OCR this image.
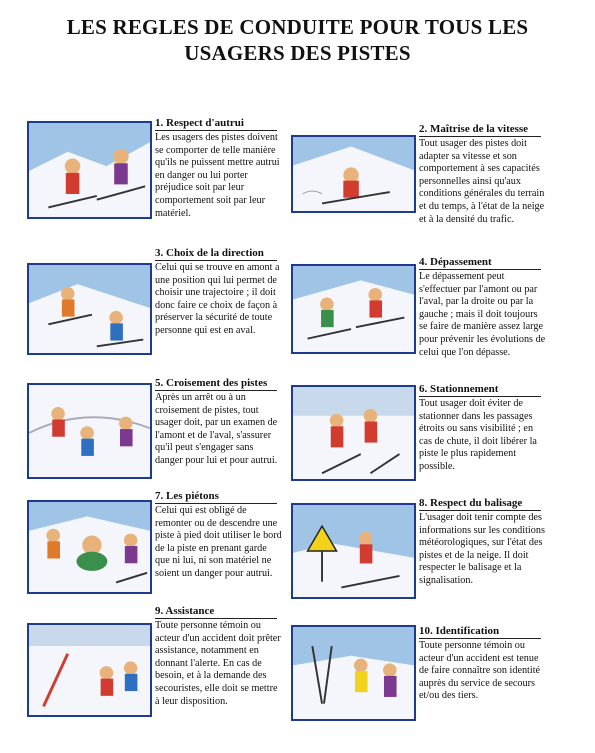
LES REGLES DE CONDUITE POUR TOUS LES
USAGERS DES PISTES
1. Respect d'autrui
Les usagers des pistes doivent se comporter de telle manière qu'ils ne puissent mettre autrui en danger ou lui porter préjudice soit par leur comportement soit par leur matériel.
2. Maîtrise de la vitesse
Tout usager des pistes doit adapter sa vitesse et son comportement à ses capacités personnelles ainsi qu'aux conditions générales du terrain et du temps, à l'état de la neige et à la densité du trafic.
3. Choix de la direction
Celui qui se trouve en amont a une position qui lui permet de choisir une trajectoire ; il doit donc faire ce choix de façon à préserver la sécurité de toute personne qui est en aval.
4. Dépassement
Le dépassement peut s'effectuer par l'amont ou par l'aval, par la droite ou par la gauche ; mais il doit toujours se faire de manière assez large pour prévenir les évolutions de celui que l'on dépasse.
5. Croisement des pistes
Après un arrêt ou à un croisement de pistes, tout usager doit, par un examen de l'amont et de l'aval, s'assurer qu'il peut s'engager sans danger pour lui et pour autrui.
6. Stationnement
Tout usager doit éviter de stationner dans les passages étroits ou sans visibilité ; en cas de chute, il doit libérer la piste le plus rapidement possible.
7. Les piétons
Celui qui est obligé de remonter ou de descendre une piste à pied doit utiliser le bord de la piste en prenant garde que ni lui, ni son matériel ne soient un danger pour autrui.
8. Respect du balisage
L'usager doit tenir compte des informations sur les conditions météorologiques, sur l'état des pistes et de la neige. Il doit respecter le balisage et la signalisation.
9. Assistance
Toute personne témoin ou acteur d'un accident doit prêter assistance, notamment en donnant l'alerte. En cas de besoin, et à la demande des secouristes, elle doit se mettre à leur disposition.
10. Identification
Toute personne témoin ou acteur d'un accident est tenue de faire connaître son identité auprès du service de secours et/ou des tiers.
